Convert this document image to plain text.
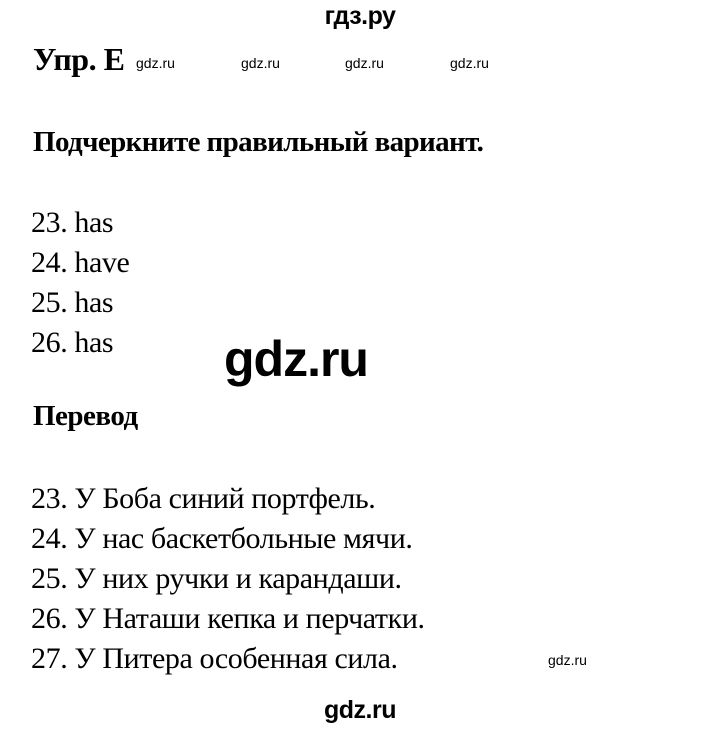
гдз.ру
Упр. E gdz.ru	gdz.ru	gdz.ru	gdz.ru
Подчеркните правильный вариант.
23. has
24. have
25. has
26. has	gdz.ru
Перевод
23. У Боба синий портфель.
24. У нас баскетбольные мячи.
25. У них ручки и карандаши.
26. У Наташи кепка и перчатки.
27. У Питера особенная сила.	gdz.ru
gdz.ru
